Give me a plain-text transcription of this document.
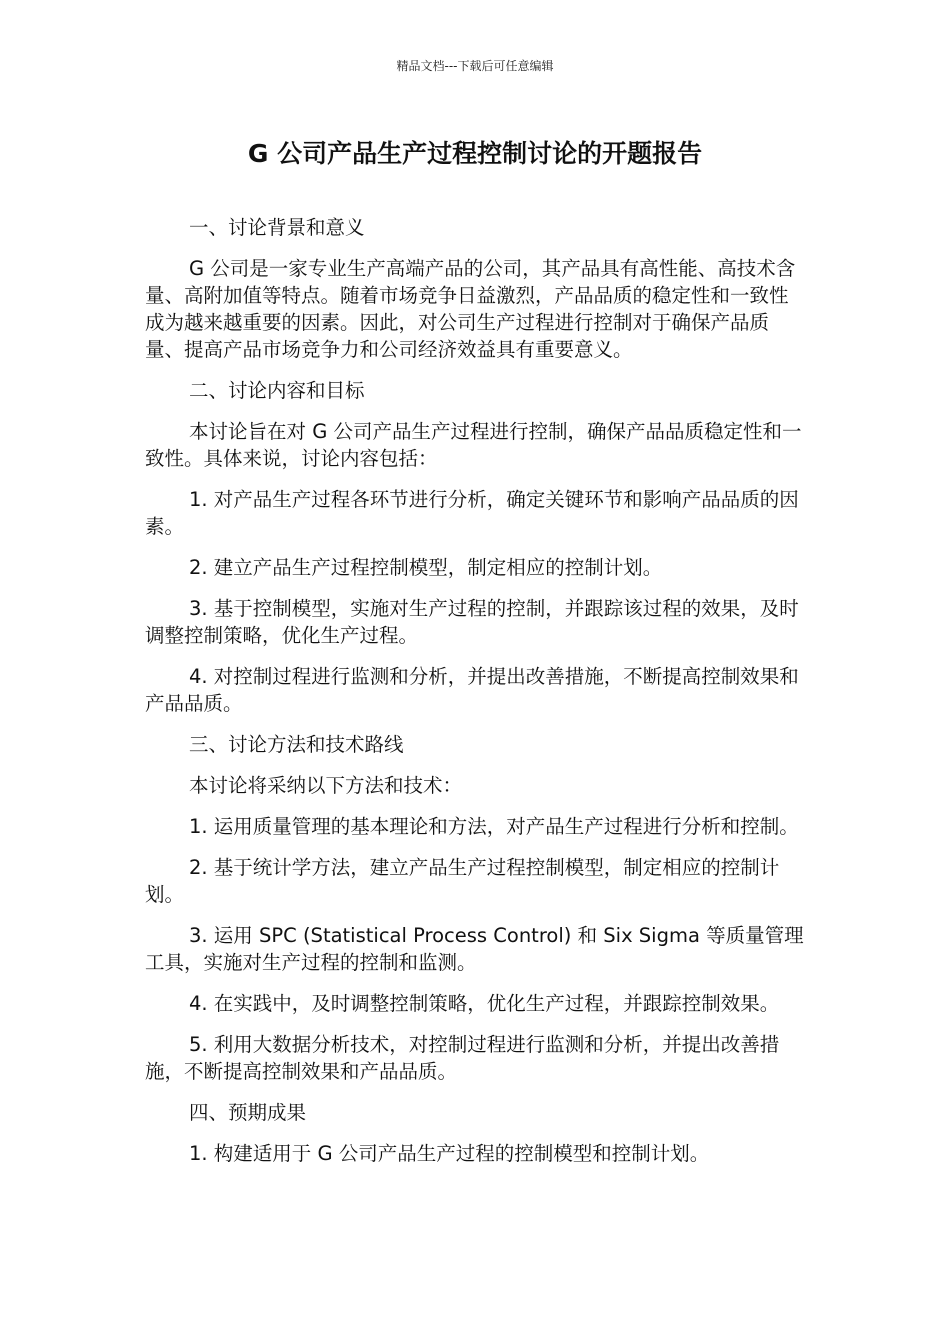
精品文档---下载后可任意编辑
G 公司产品生产过程控制讨论的开题报告

一、讨论背景和意义

G 公司是一家专业生产高端产品的公司，其产品具有高性能、高技术含量、高附加值等特点。随着市场竞争日益激烈，产品品质的稳定性和一致性成为越来越重要的因素。因此，对公司生产过程进行控制对于确保产品质量、提高产品市场竞争力和公司经济效益具有重要意义。

二、讨论内容和目标

本讨论旨在对 G 公司产品生产过程进行控制，确保产品品质稳定性和一致性。具体来说，讨论内容包括：

1. 对产品生产过程各环节进行分析，确定关键环节和影响产品品质的因素。

2. 建立产品生产过程控制模型，制定相应的控制计划。

3. 基于控制模型，实施对生产过程的控制，并跟踪该过程的效果，及时调整控制策略，优化生产过程。

4. 对控制过程进行监测和分析，并提出改善措施，不断提高控制效果和产品品质。

三、讨论方法和技术路线

本讨论将采纳以下方法和技术：

1. 运用质量管理的基本理论和方法，对产品生产过程进行分析和控制。

2. 基于统计学方法，建立产品生产过程控制模型，制定相应的控制计划。

3. 运用 SPC (Statistical Process Control) 和 Six Sigma 等质量管理工具，实施对生产过程的控制和监测。

4. 在实践中，及时调整控制策略，优化生产过程，并跟踪控制效果。

5. 利用大数据分析技术，对控制过程进行监测和分析，并提出改善措施，不断提高控制效果和产品品质。

四、预期成果

1. 构建适用于 G 公司产品生产过程的控制模型和控制计划。
